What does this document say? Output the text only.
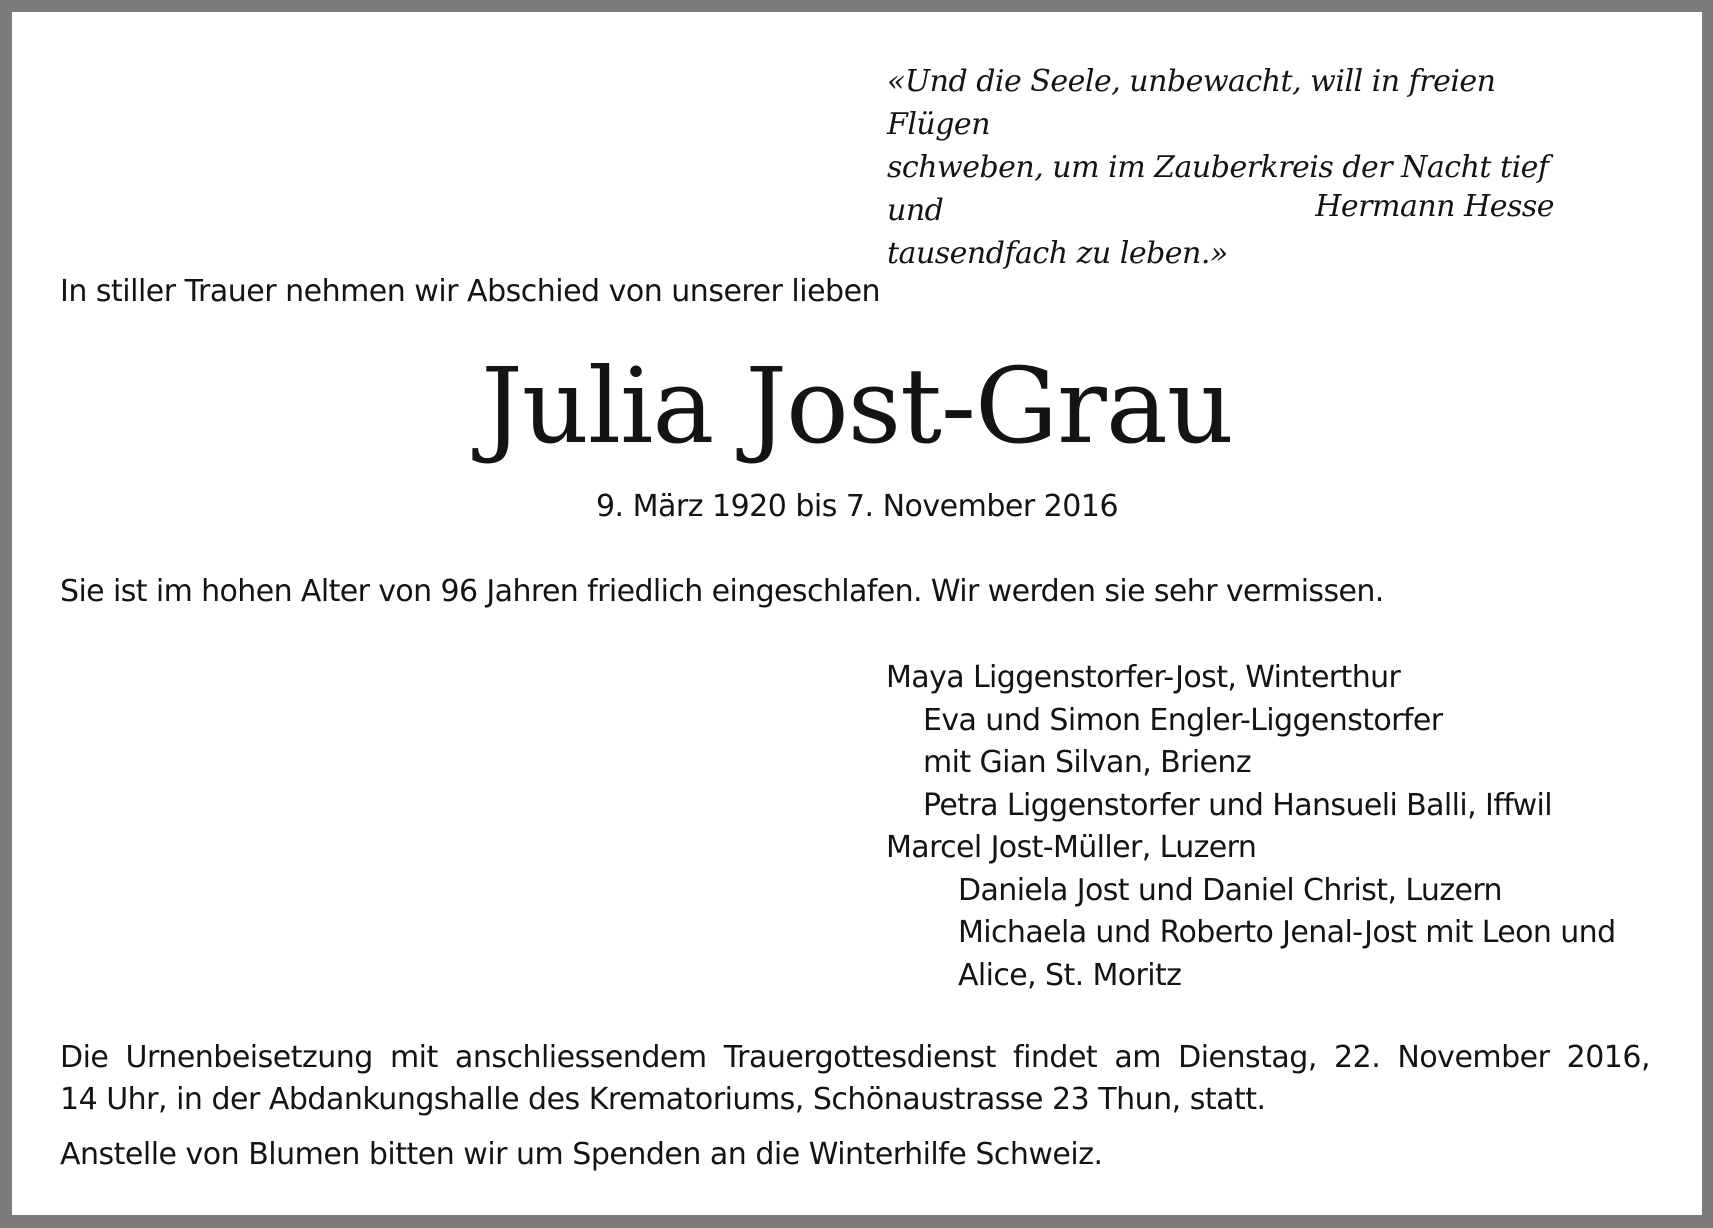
«Und die Seele, unbewacht, will in freien Flügen
schweben, um im Zauberkreis der Nacht tief und
tausendfach zu leben.»
Hermann Hesse
In stiller Trauer nehmen wir Abschied von unserer lieben
Julia Jost-Grau
9. März 1920 bis 7. November 2016
Sie ist im hohen Alter von 96 Jahren friedlich eingeschlafen. Wir werden sie sehr vermissen.
Maya Liggenstorfer-Jost, Winterthur
Eva und Simon Engler-Liggenstorfer
mit Gian Silvan, Brienz
Petra Liggenstorfer und Hansueli Balli, Iffwil
Marcel Jost-Müller, Luzern
Daniela Jost und Daniel Christ, Luzern
Michaela und Roberto Jenal-Jost mit Leon und
Alice, St. Moritz
Die Urnenbeisetzung mit anschliessendem Trauergottesdienst findet am Dienstag, 22. November 2016,
14 Uhr, in der Abdankungshalle des Krematoriums, Schönaustrasse 23 Thun, statt.
Anstelle von Blumen bitten wir um Spenden an die Winterhilfe Schweiz.
